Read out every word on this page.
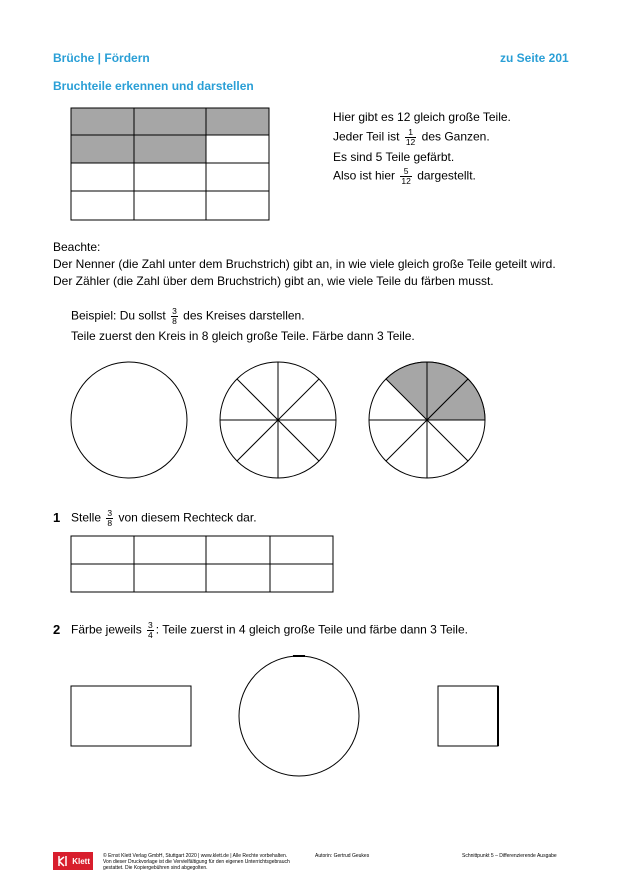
Brüche | Fördern	zu Seite 201
Bruchteile erkennen und darstellen
Hier gibt es 12 gleich große Teile.
Jeder Teil ist $\frac{1}{12}$ des Ganzen.
Es sind 5 Teile gefärbt.
Also ist hier $\frac{5}{12}$ dargestellt.
Beachte:
Der Nenner (die Zahl unter dem Bruchstrich) gibt an, in wie viele gleich große Teile geteilt wird.
Der Zähler (die Zahl über dem Bruchstrich) gibt an, wie viele Teile du färben musst.
Beispiel: Du sollst $\frac{3}{8}$ des Kreises darstellen.
Teile zuerst den Kreis in 8 gleich große Teile. Färbe dann 3 Teile.
1 Stelle $\frac{3}{8}$ von diesem Rechteck dar.
2 Färbe jeweils $\frac{3}{4}$ : Teile zuerst in 4 gleich große Teile und färbe dann 3 Teile.
Klett
© Ernst Klett Verlag GmbH, Stuttgart 2020 | www.klett.de | Alle Rechte vorbehalten.
Von dieser Druckvorlage ist die Vervielfältigung für den eigenen Unterrichtsgebrauch
gestattet. Die Kopiergebühren sind abgegolten.
Autorin: Gertrud Geukes	Schnittpunkt 5 – Differenzierende Ausgabe
